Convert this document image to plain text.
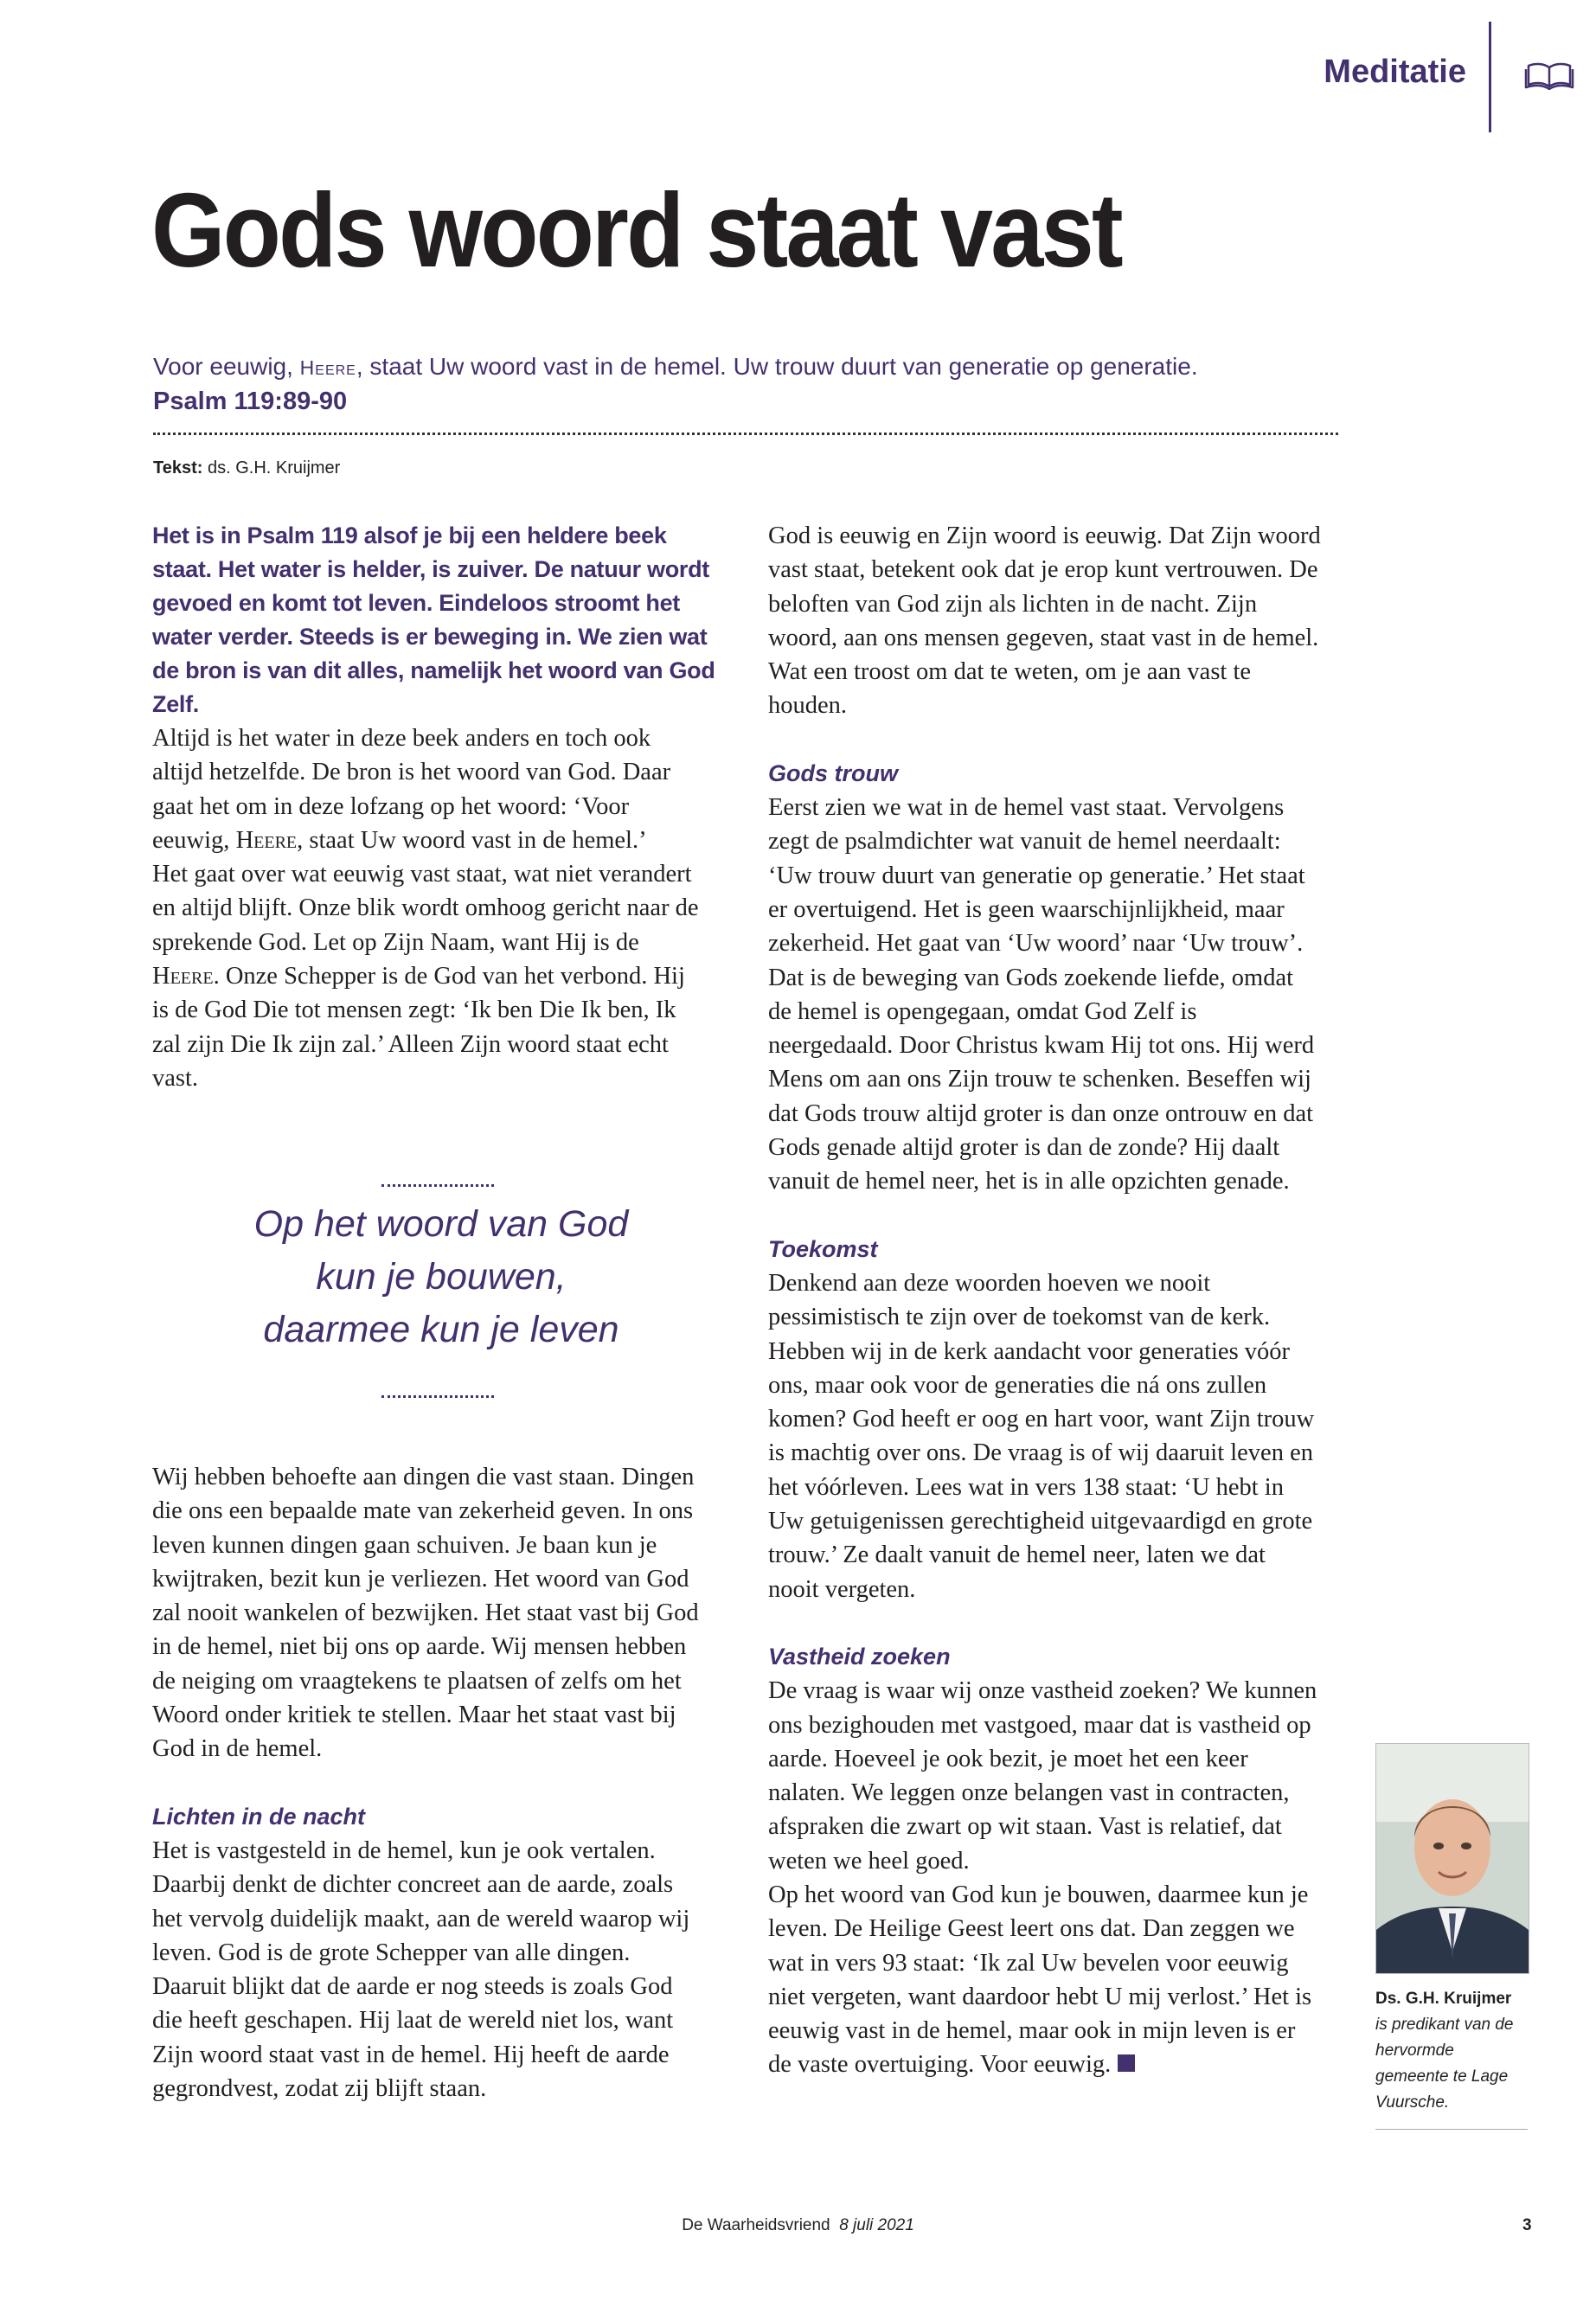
Meditatie
Gods woord staat vast
Voor eeuwig, Heere, staat Uw woord vast in de hemel. Uw trouw duurt van generatie op generatie.
Psalm 119:89-90
Tekst: ds. G.H. Kruijmer
Het is in Psalm 119 alsof je bij een heldere beek staat. Het water is helder, is zuiver. De natuur wordt gevoed en komt tot leven. Eindeloos stroomt het water verder. Steeds is er beweging in. We zien wat de bron is van dit alles, namelijk het woord van God Zelf.

Altijd is het water in deze beek anders en toch ook altijd hetzelfde. De bron is het woord van God. Daar gaat het om in deze lofzang op het woord: ‘Voor eeuwig, Heere, staat Uw woord vast in de hemel.’

Het gaat over wat eeuwig vast staat, wat niet verandert en altijd blijft. Onze blik wordt omhoog gericht naar de sprekende God. Let op Zijn Naam, want Hij is de Heere. Onze Schepper is de God van het verbond. Hij is de God Die tot mensen zegt: ‘Ik ben Die Ik ben, Ik zal zijn Die Ik zijn zal.’ Alleen Zijn woord staat echt vast.

Op het woord van God
kun je bouwen,
daarmee kun je leven

Wij hebben behoefte aan dingen die vast staan. Dingen die ons een bepaalde mate van zekerheid geven. In ons leven kunnen dingen gaan schuiven. Je baan kun je kwijtraken, bezit kun je verliezen. Het woord van God zal nooit wankelen of bezwijken. Het staat vast bij God in de hemel, niet bij ons op aarde. Wij mensen hebben de neiging om vraagtekens te plaatsen of zelfs om het Woord onder kritiek te stellen. Maar het staat vast bij God in de hemel.

Lichten in de nacht

Het is vastgesteld in de hemel, kun je ook vertalen. Daarbij denkt de dichter concreet aan de aarde, zoals het vervolg duidelijk maakt, aan de wereld waarop wij leven. God is de grote Schepper van alle dingen. Daaruit blijkt dat de aarde er nog steeds is zoals God die heeft geschapen. Hij laat de wereld niet los, want Zijn woord staat vast in de hemel. Hij heeft de aarde gegrondvest, zodat zij blijft staan.

God is eeuwig en Zijn woord is eeuwig. Dat Zijn woord vast staat, betekent ook dat je erop kunt vertrouwen. De beloften van God zijn als lichten in de nacht. Zijn woord, aan ons mensen gegeven, staat vast in de hemel. Wat een troost om dat te weten, om je aan vast te houden.

Gods trouw

Eerst zien we wat in de hemel vast staat. Vervolgens zegt de psalmdichter wat vanuit de hemel neerdaalt: ‘Uw trouw duurt van generatie op generatie.’ Het staat er overtuigend. Het is geen waarschijnlijkheid, maar zekerheid. Het gaat van ‘Uw woord’ naar ‘Uw trouw’. Dat is de beweging van Gods zoekende liefde, omdat de hemel is opengegaan, omdat God Zelf is neergedaald. Door Christus kwam Hij tot ons. Hij werd Mens om aan ons Zijn trouw te schenken. Beseffen wij dat Gods trouw altijd groter is dan onze ontrouw en dat Gods genade altijd groter is dan de zonde? Hij daalt vanuit de hemel neer, het is in alle opzichten genade.

Toekomst

Denkend aan deze woorden hoeven we nooit pessimistisch te zijn over de toekomst van de kerk. Hebben wij in de kerk aandacht voor generaties vóór ons, maar ook voor de generaties die ná ons zullen komen? God heeft er oog en hart voor, want Zijn trouw is machtig over ons. De vraag is of wij daaruit leven en het vóórleven. Lees wat in vers 138 staat: ‘U hebt in Uw getuigenissen gerechtigheid uitgevaardigd en grote trouw.’ Ze daalt vanuit de hemel neer, laten we dat nooit vergeten.

Vastheid zoeken

De vraag is waar wij onze vastheid zoeken? We kunnen ons bezighouden met vastgoed, maar dat is vastheid op aarde. Hoeveel je ook bezit, je moet het een keer nalaten. We leggen onze belangen vast in contracten, afspraken die zwart op wit staan. Vast is relatief, dat weten we heel goed.

Op het woord van God kun je bouwen, daarmee kun je leven. De Heilige Geest leert ons dat. Dan zeggen we wat in vers 93 staat: ‘Ik zal Uw bevelen voor eeuwig niet vergeten, want daardoor hebt U mij verlost.’ Het is eeuwig vast in de hemel, maar ook in mijn leven is er de vaste overtuiging. Voor eeuwig.

Ds. G.H. Kruijmer
is predikant van de hervormde gemeente te Lage Vuursche.
De Waarheidsvriend 8 juli 2021	3
